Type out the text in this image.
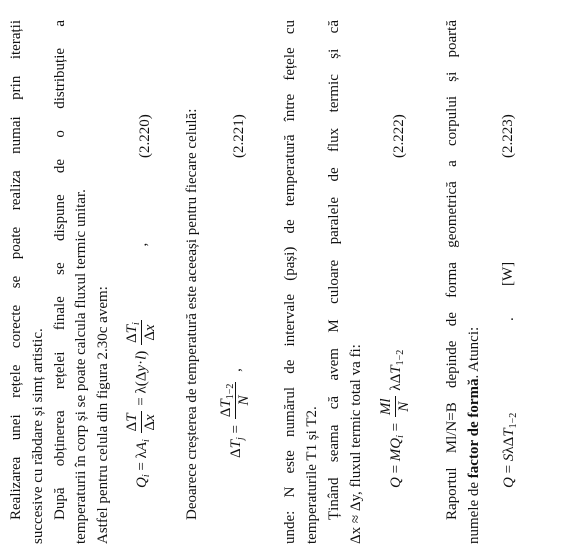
Realizarea unei rețele corecte se poate realiza numai prin iterații succesive cu răbdare și simț artistic. După obținerea rețelei finale se dispune de o distribuție a temperaturii în corp și se poate calcula fluxul termic unitar. Astfel pentru celula din figura 2.30c avem:	$Q_i = \lambda A_i$
ΔT
Δx
= λ(Δy·l)
$\Delta T_i$
Δx
,
(2.220) Deoarece creșterea de temperatură este aceeași pentru fiecare celulă:	$\Delta T_j$ =
$\Delta T_{1-2}$
N
,
(2.221) unde: N este numărul de intervale (pași) de temperatură între fețele cu temperaturile T1 și T2. Ținând seama că avem M culoare paralele de flux termic și că Δx ≈ Δy, fluxul termic total va fi:	$Q = MQ_i$ =
Ml N
λΔT$_{1-2}$
(2.222) Raportul Ml/N=B depinde de forma geometrică a corpului și poartă numele de factor de formă. Atunci:
Q = SλΔT$_{1-2}$ .
[W]
(2.223)
